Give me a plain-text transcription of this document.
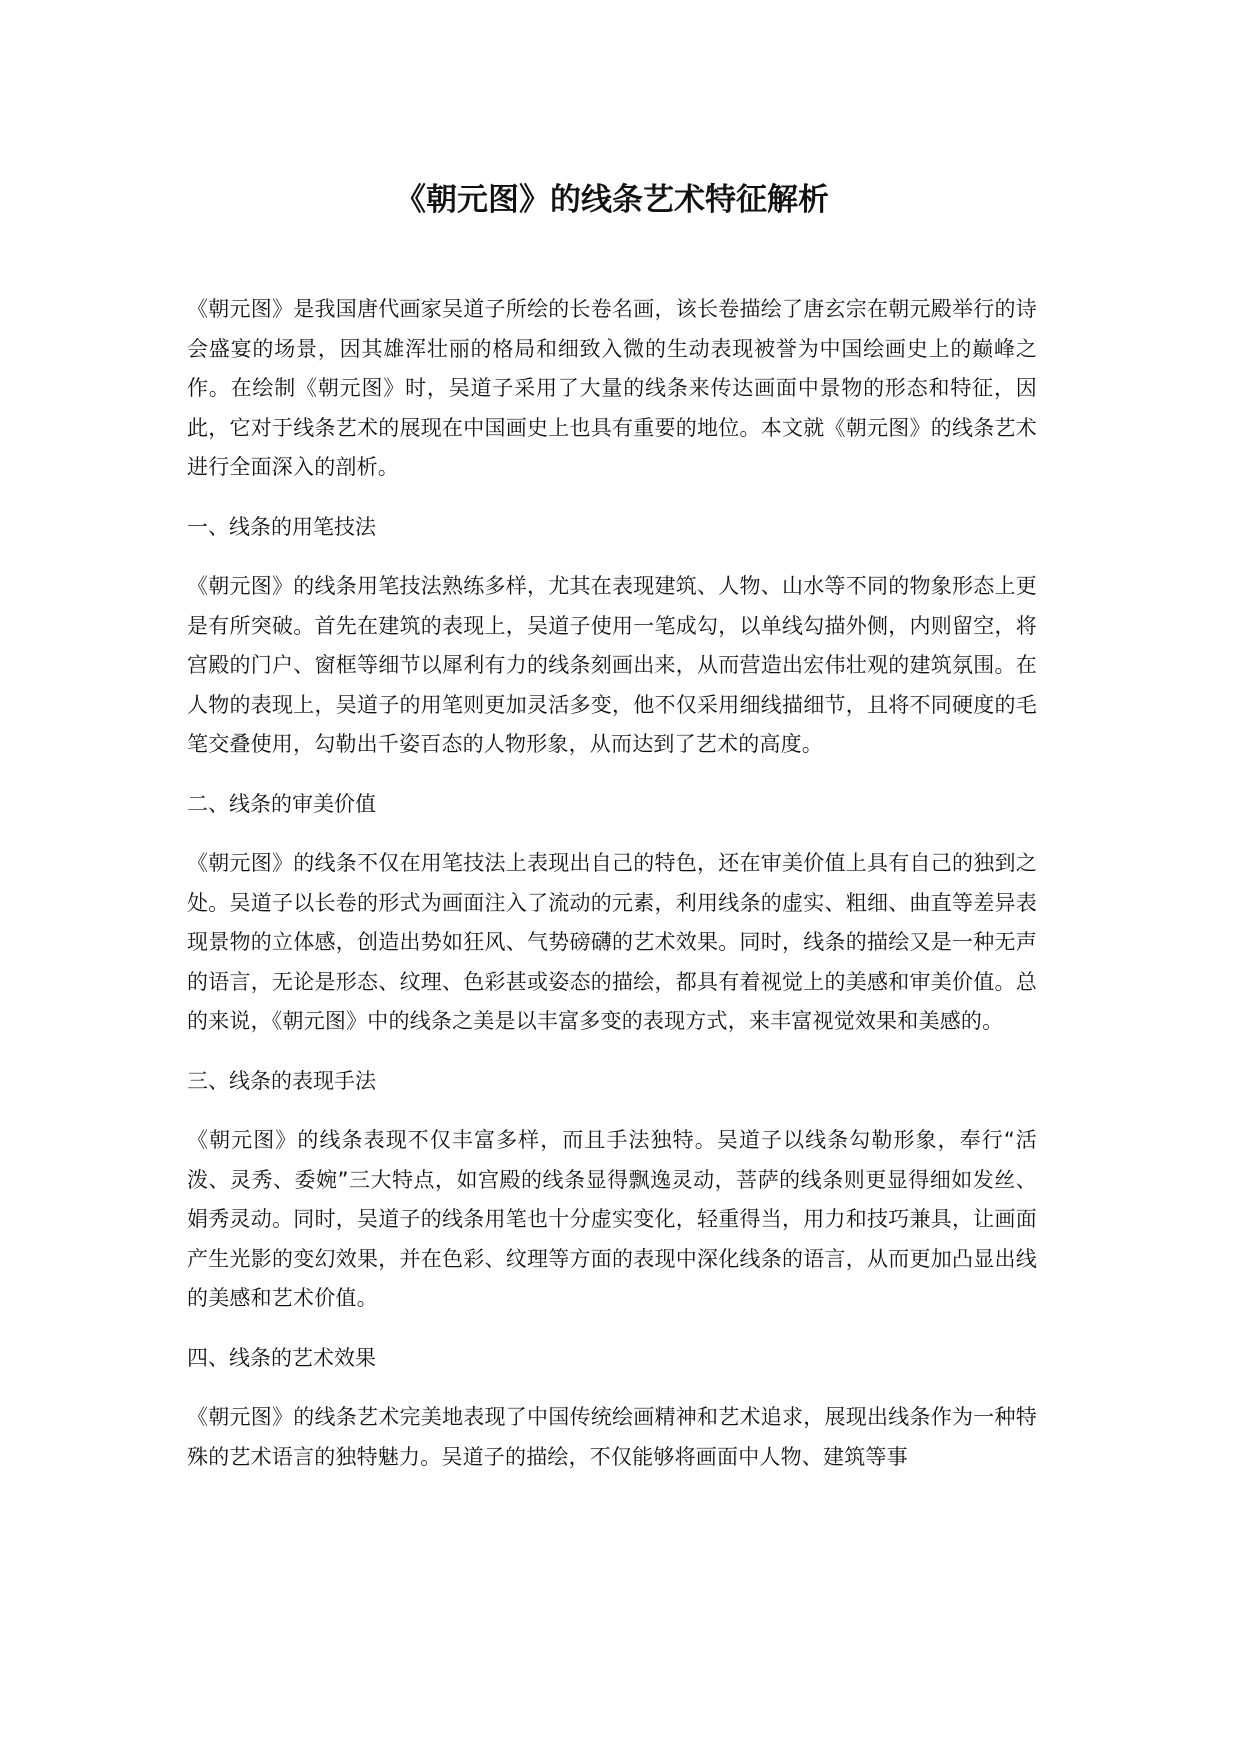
《朝元图》的线条艺术特征解析

《朝元图》是我国唐代画家吴道子所绘的长卷名画，该长卷描绘了唐玄宗在朝元殿举行的诗会盛宴的场景，因其雄浑壮丽的格局和细致入微的生动表现被誉为中国绘画史上的巅峰之作。在绘制《朝元图》时，吴道子采用了大量的线条来传达画面中景物的形态和特征，因此，它对于线条艺术的展现在中国画史上也具有重要的地位。本文就《朝元图》的线条艺术进行全面深入的剖析。

一、线条的用笔技法

《朝元图》的线条用笔技法熟练多样，尤其在表现建筑、人物、山水等不同的物象形态上更是有所突破。首先在建筑的表现上，吴道子使用一笔成勾，以单线勾描外侧，内则留空，将宫殿的门户、窗框等细节以犀利有力的线条刻画出来，从而营造出宏伟壮观的建筑氛围。在人物的表现上，吴道子的用笔则更加灵活多变，他不仅采用细线描细节，且将不同硬度的毛笔交叠使用，勾勒出千姿百态的人物形象，从而达到了艺术的高度。

二、线条的审美价值

《朝元图》的线条不仅在用笔技法上表现出自己的特色，还在审美价值上具有自己的独到之处。吴道子以长卷的形式为画面注入了流动的元素，利用线条的虚实、粗细、曲直等差异表现景物的立体感，创造出势如狂风、气势磅礴的艺术效果。同时，线条的描绘又是一种无声的语言，无论是形态、纹理、色彩甚或姿态的描绘，都具有着视觉上的美感和审美价值。总的来说，《朝元图》中的线条之美是以丰富多变的表现方式，来丰富视觉效果和美感的。

三、线条的表现手法

《朝元图》的线条表现不仅丰富多样，而且手法独特。吴道子以线条勾勒形象，奉行“活泼、灵秀、委婉”三大特点，如宫殿的线条显得飘逸灵动，菩萨的线条则更显得细如发丝、娟秀灵动。同时，吴道子的线条用笔也十分虚实变化，轻重得当，用力和技巧兼具，让画面产生光影的变幻效果，并在色彩、纹理等方面的表现中深化线条的语言，从而更加凸显出线的美感和艺术价值。

四、线条的艺术效果

《朝元图》的线条艺术完美地表现了中国传统绘画精神和艺术追求，展现出线条作为一种特殊的艺术语言的独特魅力。吴道子的描绘，不仅能够将画面中人物、建筑等事
